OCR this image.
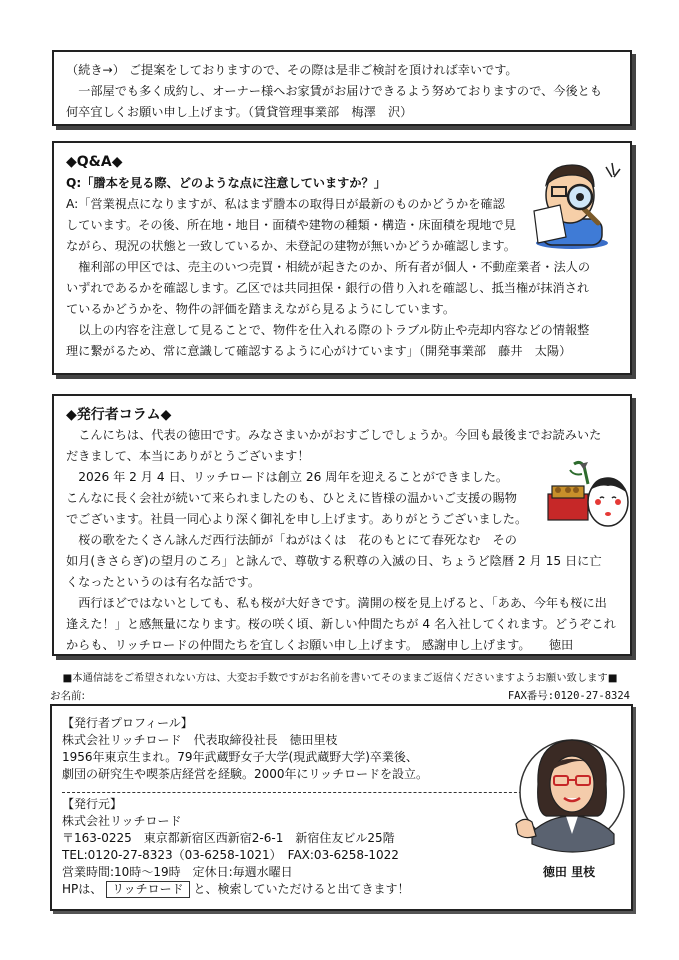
（続き→） ご提案をしておりますので、その際は是非ご検討を頂ければ幸いです。

一部屋でも多く成約し、オーナー様へお家賃がお届けできるよう努めておりますので、今後とも

何卒宜しくお願い申し上げます。（賃貸管理事業部　梅澤　沢）

◆Q&A◆

Q:「謄本を見る際、どのような点に注意していますか？」

A:「営業視点になりますが、私はまず謄本の取得日が最新のものかどうかを確認

しています。その後、所在地・地目・面積や建物の種類・構造・床面積を現地で見

ながら、現況の状態と一致しているか、未登記の建物が無いかどうか確認します。

権利部の甲区では、売主のいつ売買・相続が起きたのか、所有者が個人・不動産業者・法人の

いずれであるかを確認します。乙区では共同担保・銀行の借り入れを確認し、抵当権が抹消され

ているかどうかを、物件の評価を踏まえながら見るようにしています。

以上の内容を注意して見ることで、物件を仕入れる際のトラブル防止や売却内容などの情報整

理に繋がるため、常に意識して確認するように心がけています」（開発事業部　藤井　太陽）

◆発行者コラム◆

こんにちは、代表の徳田です。みなさまいかがおすごしでしょうか。今回も最後までお読みいた

だきまして、本当にありがとうございます！

2026 年 2 月 4 日、リッチロードは創立 26 周年を迎えることができました。

こんなに長く会社が続いて来られましたのも、ひとえに皆様の温かいご支援の賜物

でございます。社員一同心より深く御礼を申し上げます。ありがとうございました。

桜の歌をたくさん詠んだ西行法師が「ねがはくは　花のもとにて春死なむ　その

如月(きさらぎ)の望月のころ」と詠んで、尊敬する釈尊の入滅の日、ちょうど陰暦 2 月 15 日に亡

くなったというのは有名な話です。

西行ほどではないとしても、私も桜が大好きです。満開の桜を見上げると、「ああ、今年も桜に出

逢えた！」と感無量になります。桜の咲く頃、新しい仲間たちが 4 名入社してくれます。どうぞこれ

からも、リッチロードの仲間たちを宜しくお願い申し上げます。 感謝申し上げます。　　徳田

■本通信誌をご希望されない方は、大変お手数ですがお名前を書いてそのままご返信くださいますようお願い致します■
お名前:	FAX番号:0120-27-8324

【発行者プロフィール】

株式会社リッチロード　代表取締役社長　徳田里枝

1956年東京生まれ。79年武蔵野女子大学(現武蔵野大学)卒業後、

劇団の研究生や喫茶店経営を経験。2000年にリッチロードを設立。

【発行元】

株式会社リッチロード

〒163-0225　東京都新宿区西新宿2-6-1　新宿住友ビル25階

TEL:0120-27-8323（03-6258-1021）　FAX:03-6258-1022

営業時間:10時～19時　定休日:毎週水曜日

HPは、 リッチロード と、検索していただけると出てきます！

徳田 里枝
